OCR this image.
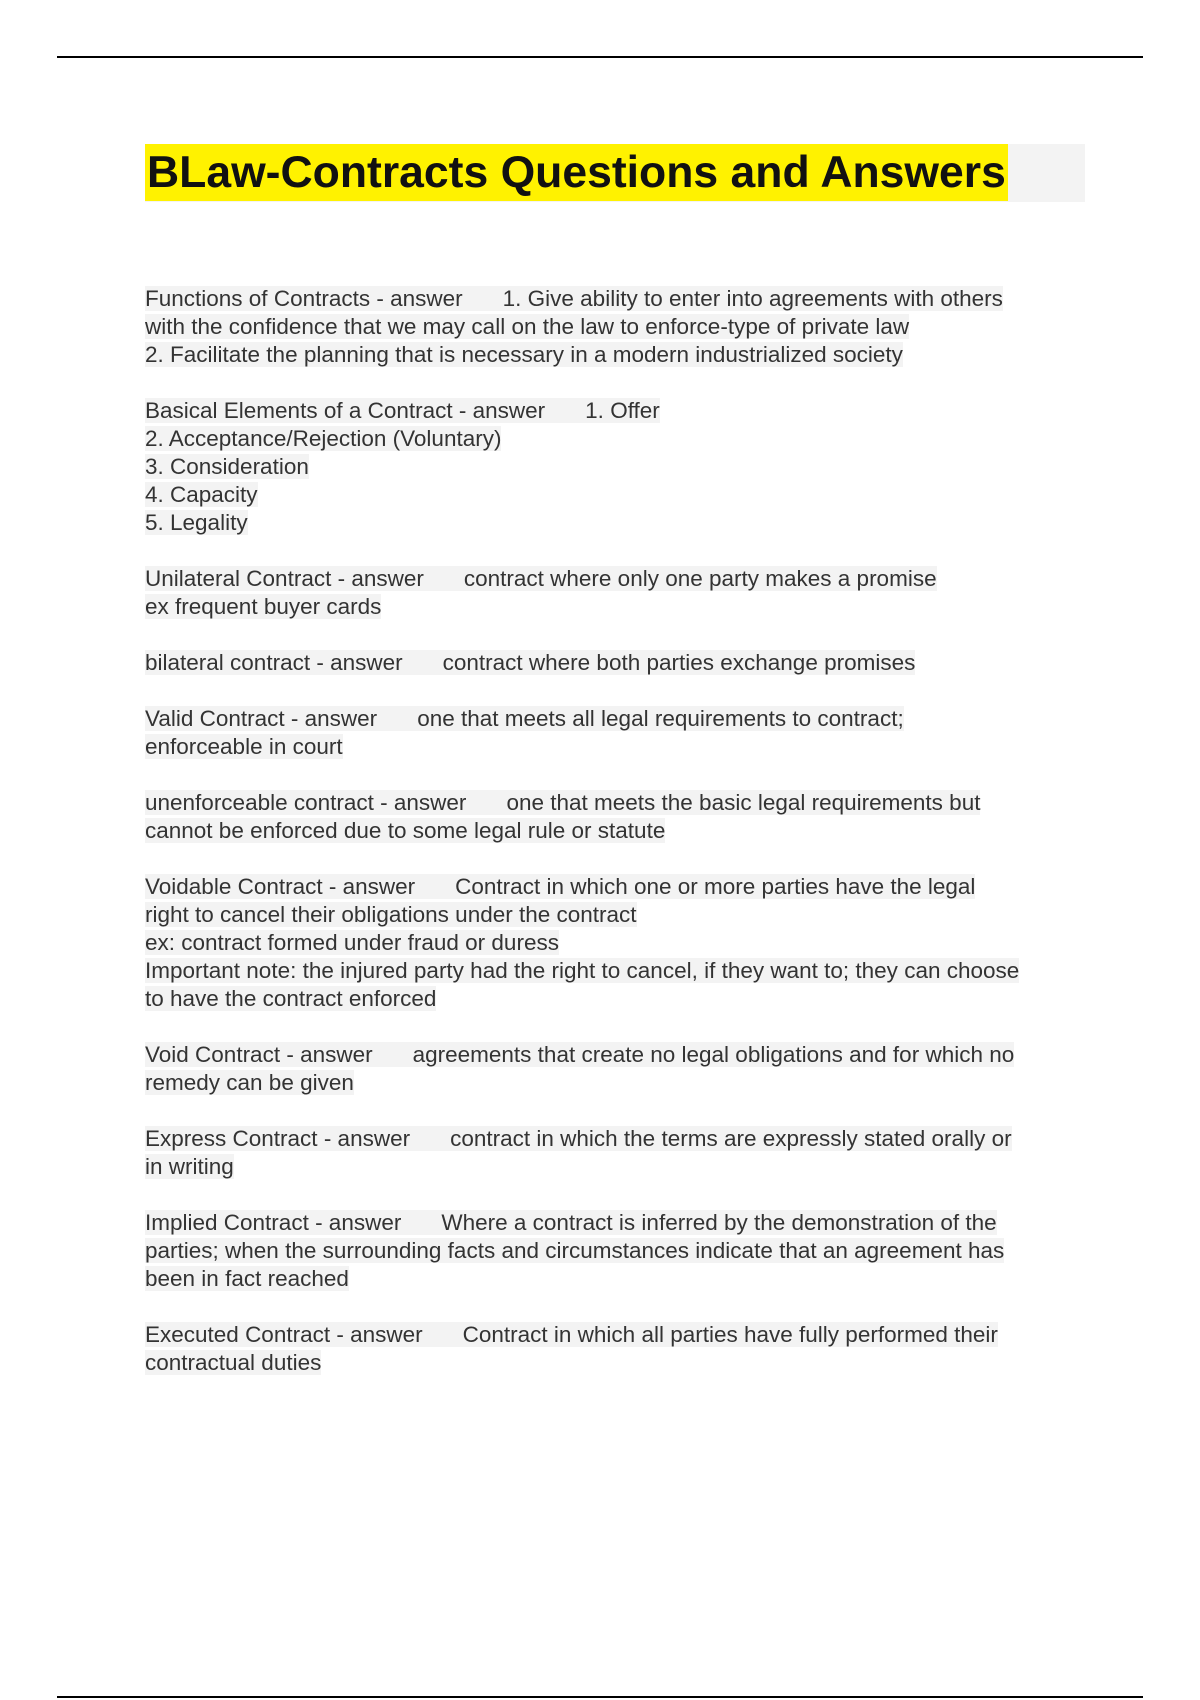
BLaw-Contracts Questions and Answers
Functions of Contracts - answer 1. Give ability to enter into agreements with others
with the confidence that we may call on the law to enforce-type of private law
2. Facilitate the planning that is necessary in a modern industrialized society
Basical Elements of a Contract - answer 1. Offer
2. Acceptance/Rejection (Voluntary)
3. Consideration
4. Capacity
5. Legality
Unilateral Contract - answer contract where only one party makes a promise
ex frequent buyer cards
bilateral contract - answer contract where both parties exchange promises
Valid Contract - answer one that meets all legal requirements to contract;
enforceable in court
unenforceable contract - answer one that meets the basic legal requirements but
cannot be enforced due to some legal rule or statute
Voidable Contract - answer Contract in which one or more parties have the legal
right to cancel their obligations under the contract
ex: contract formed under fraud or duress
Important note: the injured party had the right to cancel, if they want to; they can choose
to have the contract enforced
Void Contract - answer agreements that create no legal obligations and for which no
remedy can be given
Express Contract - answer contract in which the terms are expressly stated orally or
in writing
Implied Contract - answer Where a contract is inferred by the demonstration of the
parties; when the surrounding facts and circumstances indicate that an agreement has
been in fact reached
Executed Contract - answer Contract in which all parties have fully performed their
contractual duties
